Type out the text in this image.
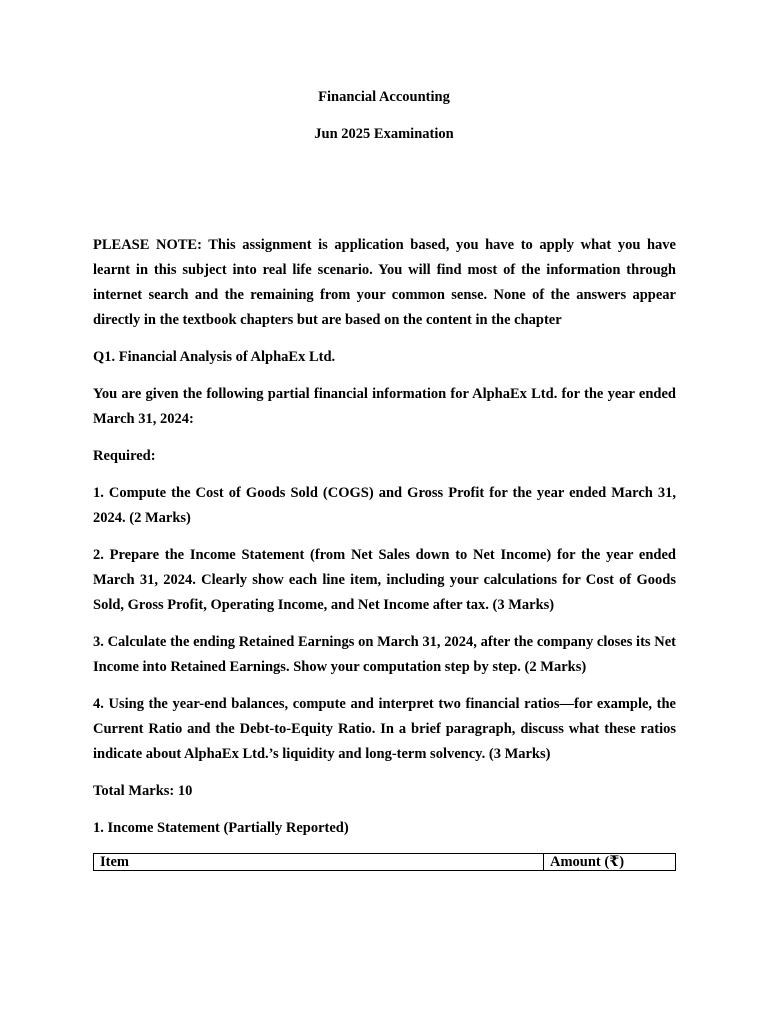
Financial Accounting
Jun 2025 Examination

PLEASE NOTE: This assignment is application based, you have to apply what you have learnt in this subject into real life scenario. You will find most of the information through internet search and the remaining from your common sense. None of the answers appear directly in the textbook chapters but are based on the content in the chapter

Q1. Financial Analysis of AlphaEx Ltd.

You are given the following partial financial information for AlphaEx Ltd. for the year ended March 31, 2024:

Required:

1. Compute the Cost of Goods Sold (COGS) and Gross Profit for the year ended March 31, 2024. (2 Marks)

2. Prepare the Income Statement (from Net Sales down to Net Income) for the year ended March 31, 2024. Clearly show each line item, including your calculations for Cost of Goods Sold, Gross Profit, Operating Income, and Net Income after tax. (3 Marks)

3. Calculate the ending Retained Earnings on March 31, 2024, after the company closes its Net Income into Retained Earnings. Show your computation step by step. (2 Marks)

4. Using the year-end balances, compute and interpret two financial ratios—for example, the Current Ratio and the Debt-to-Equity Ratio. In a brief paragraph, discuss what these ratios indicate about AlphaEx Ltd.’s liquidity and long-term solvency. (3 Marks)

Total Marks: 10

1. Income Statement (Partially Reported)

Item	Amount (₹)
